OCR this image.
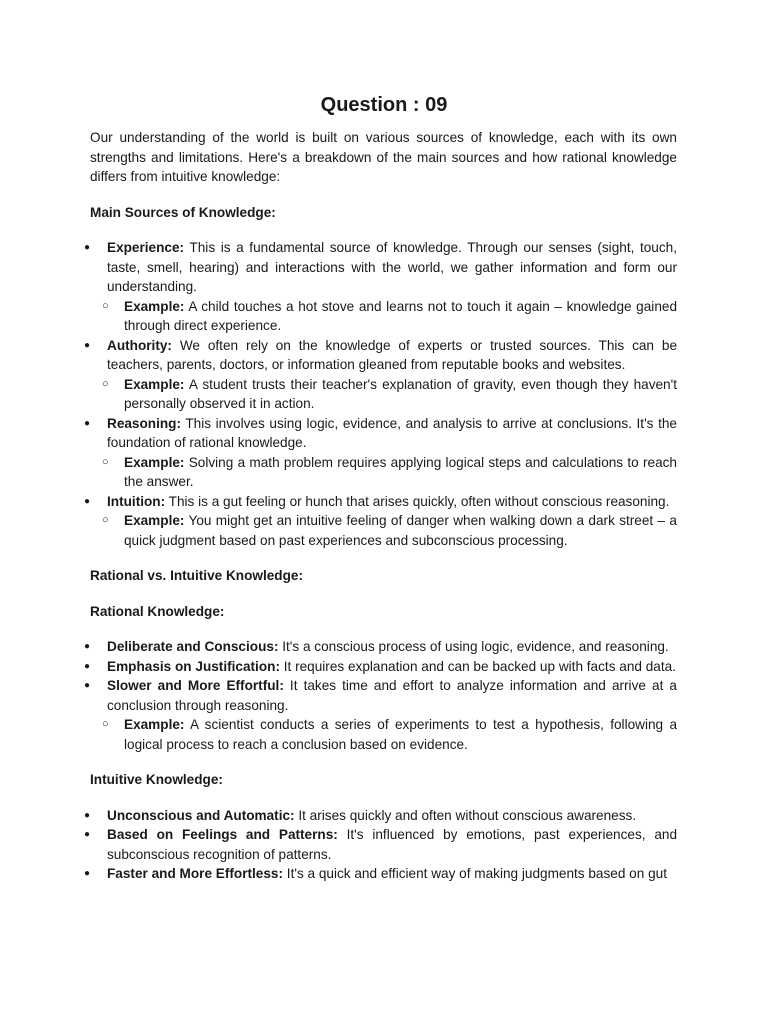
Question : 09

Our understanding of the world is built on various sources of knowledge, each with its own strengths and limitations. Here's a breakdown of the main sources and how rational knowledge differs from intuitive knowledge:

Main Sources of Knowledge:

● Experience: This is a fundamental source of knowledge. Through our senses (sight, touch, taste, smell, hearing) and interactions with the world, we gather information and form our understanding.
○ Example: A child touches a hot stove and learns not to touch it again – knowledge gained through direct experience.
● Authority: We often rely on the knowledge of experts or trusted sources. This can be teachers, parents, doctors, or information gleaned from reputable books and websites.
○ Example: A student trusts their teacher's explanation of gravity, even though they haven't personally observed it in action.
● Reasoning: This involves using logic, evidence, and analysis to arrive at conclusions. It's the foundation of rational knowledge.
○ Example: Solving a math problem requires applying logical steps and calculations to reach the answer.
● Intuition: This is a gut feeling or hunch that arises quickly, often without conscious reasoning.
○ Example: You might get an intuitive feeling of danger when walking down a dark street – a quick judgment based on past experiences and subconscious processing.

Rational vs. Intuitive Knowledge:

Rational Knowledge:

● Deliberate and Conscious: It's a conscious process of using logic, evidence, and reasoning.
● Emphasis on Justification: It requires explanation and can be backed up with facts and data.
● Slower and More Effortful: It takes time and effort to analyze information and arrive at a conclusion through reasoning.
○ Example: A scientist conducts a series of experiments to test a hypothesis, following a logical process to reach a conclusion based on evidence.

Intuitive Knowledge:

● Unconscious and Automatic: It arises quickly and often without conscious awareness.
● Based on Feelings and Patterns: It's influenced by emotions, past experiences, and subconscious recognition of patterns.
● Faster and More Effortless: It's a quick and efficient way of making judgments based on gut
